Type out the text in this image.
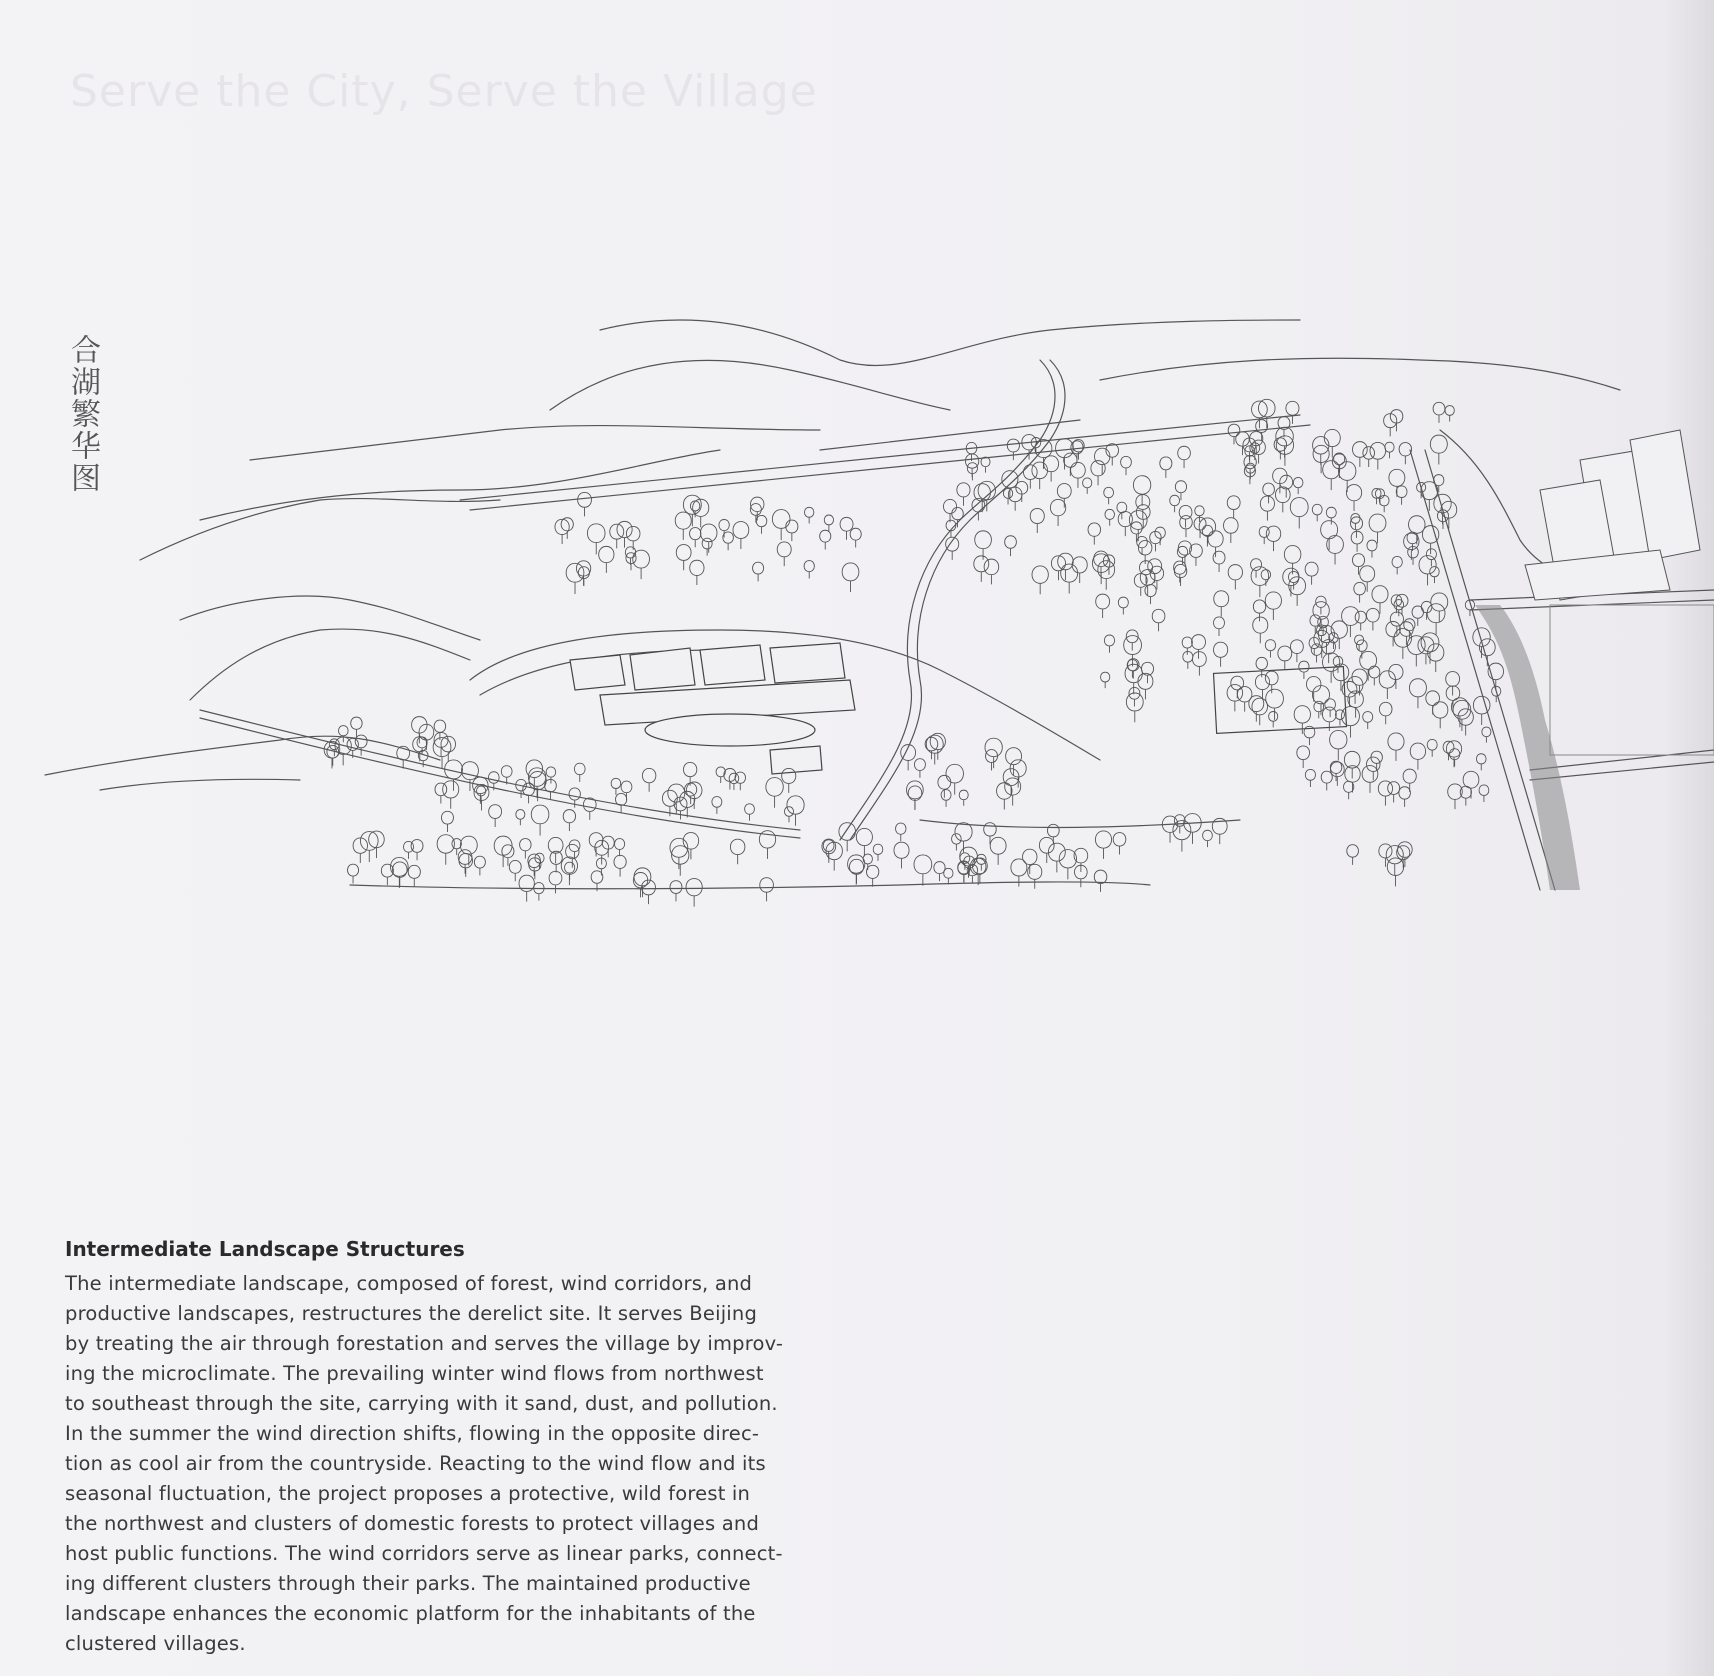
Serve the City, Serve the Village
合湖繁华图
Intermediate Landscape Structures

The intermediate landscape, composed of forest, wind corridors, and
productive landscapes, restructures the derelict site. It serves Beijing
by treating the air through forestation and serves the village by improv-
ing the microclimate. The prevailing winter wind flows from northwest
to southeast through the site, carrying with it sand, dust, and pollution.
In the summer the wind direction shifts, flowing in the opposite direc-
tion as cool air from the countryside. Reacting to the wind flow and its
seasonal fluctuation, the project proposes a protective, wild forest in
the northwest and clusters of domestic forests to protect villages and
host public functions. The wind corridors serve as linear parks, connect-
ing different clusters through their parks. The maintained productive
landscape enhances the economic platform for the inhabitants of the
clustered villages.
